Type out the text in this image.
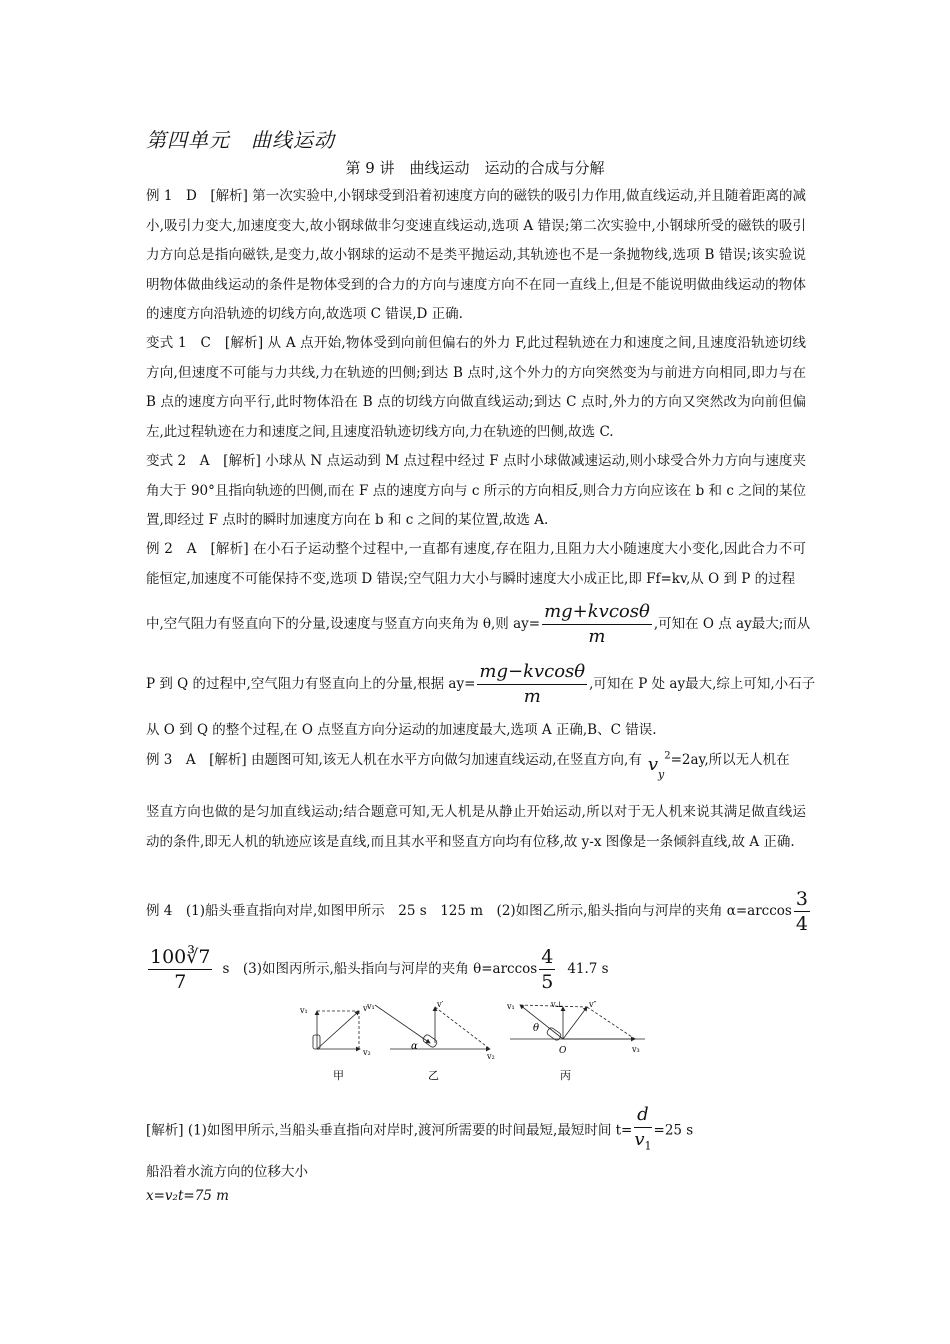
第四单元　曲线运动
第 9 讲　曲线运动　运动的合成与分解
例 1　D　[解析] 第一次实验中,小钢球受到沿着初速度方向的磁铁的吸引力作用,做直线运动,并且随着距离的减小,吸引力变大,加速度变大,故小钢球做非匀变速直线运动,选项 A 错误;第二次实验中,小钢球所受的磁铁的吸引力方向总是指向磁铁,是变力,故小钢球的运动不是类平抛运动,其轨迹也不是一条抛物线,选项 B 错误;该实验说明物体做曲线运动的条件是物体受到的合力的方向与速度方向不在同一直线上,但是不能说明做曲线运动的物体的速度方向沿轨迹的切线方向,故选项 C 错误,D 正确.
变式 1　C　[解析] 从 A 点开始,物体受到向前但偏右的外力 F,此过程轨迹在力和速度之间,且速度沿轨迹切线方向,但速度不可能与力共线,力在轨迹的凹侧;到达 B 点时,这个外力的方向突然变为与前进方向相同,即力与在 B 点的速度方向平行,此时物体沿在 B 点的切线方向做直线运动;到达 C 点时,外力的方向又突然改为向前但偏左,此过程轨迹在力和速度之间,且速度沿轨迹切线方向,力在轨迹的凹侧,故选 C.
变式 2　A　[解析] 小球从 N 点运动到 M 点过程中经过 F 点时小球做减速运动,则小球受合外力方向与速度夹角大于 90°且指向轨迹的凹侧,而在 F 点的速度方向与 c 所示的方向相反,则合力方向应该在 b 和 c 之间的某位置,即经过 F 点时的瞬时加速度方向在 b 和 c 之间的某位置,故选 A.
例 2　A　[解析] 在小石子运动整个过程中,一直都有速度,存在阻力,且阻力大小随速度大小变化,因此合力不可能恒定,加速度不可能保持不变,选项 D 错误;空气阻力大小与瞬时速度大小成正比,即 Ff=kv,从 O 到 P 的过程
中,空气阻力有竖直向下的分量,设速度与竖直方向夹角为 θ,则 $ay= \frac{mg+kvcos\theta}{m}$ ,可知在 O 点 ay最大;而从
P 到 Q 的过程中,空气阻力有竖直向上的分量,根据 $ay= \frac{mg-kvcos\theta}{m}$ ,可知在 P 处 ay最大,综上可知,小石子
从 O 到 Q 的整个过程,在 O 点竖直方向分运动的加速度最大,选项 A 正确,B、C 错误.
例 3　A　[解析] 由题图可知,该无人机在水平方向做匀加速直线运动,在竖直方向,有 $v_y^2=2ay$,所以无人机在
竖直方向也做的是匀加直线运动;结合题意可知,无人机是从静止开始运动,所以对于无人机来说其满足做直线运动的条件,即无人机的轨迹应该是直线,而且其水平和竖直方向均有位移,故 y-x 图像是一条倾斜直线,故 A 正确.
例 4　(1)船头垂直指向对岸,如图甲所示　25 s　125 m　(2)如图乙所示,船头指向与河岸的夹角 $\alpha=\arccos \frac{3}{4}$
$\frac{100∛7}{7}$ s　(3)如图丙所示,船头指向与河岸的夹角 $\theta=\arccos \frac{4}{5} 41.7$ s
v₁
v₂
v
甲
v₁	v′
v₂
α
乙
v₁	v⊥	v″
v₃
θ
O
丙
[解析] (1)如图甲所示,当船头垂直指向对岸时,渡河所需要的时间最短,最短时间 $t= \frac{d}{v_1} =25$ s
船沿着水流方向的位移大小
x=v₂t=75 m
